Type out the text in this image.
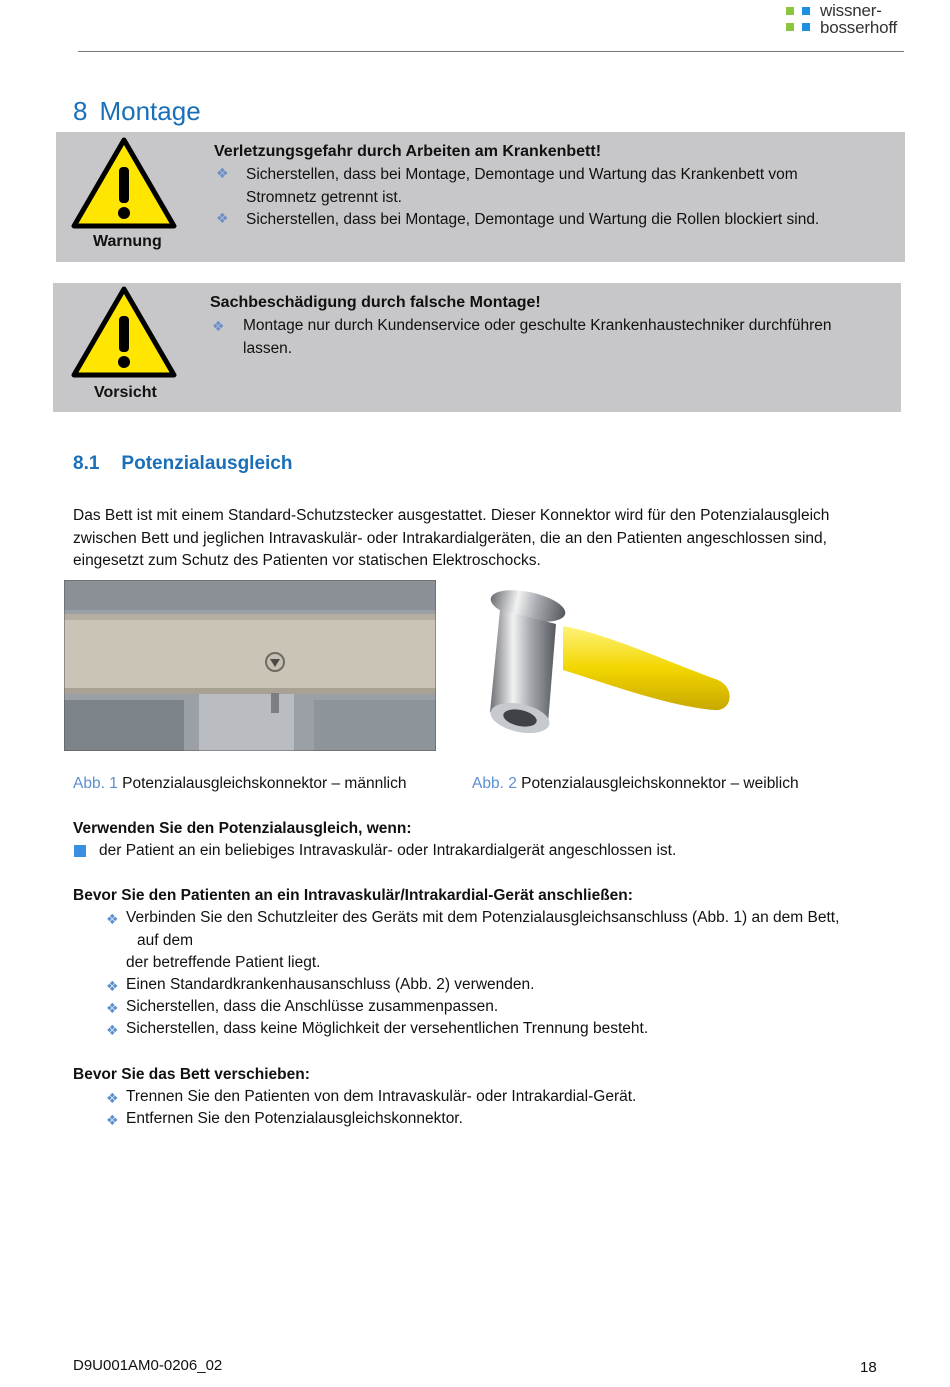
wissner-
bosserhoff
8 Montage
Warnung
Verletzungsgefahr durch Arbeiten am Krankenbett!
❖ Sicherstellen, dass bei Montage, Demontage und Wartung das Krankenbett vom
Stromnetz getrennt ist.
❖ Sicherstellen, dass bei Montage, Demontage und Wartung die Rollen blockiert sind.
Vorsicht
Sachbeschädigung durch falsche Montage!
❖ Montage nur durch Kundenservice oder geschulte Krankenhaustechniker durchführen
lassen.
8.1 Potenzialausgleich
Das Bett ist mit einem Standard-Schutzstecker ausgestattet. Dieser Konnektor wird für den Potenzialausgleich zwischen Bett und jeglichen Intravaskulär- oder Intrakardialgeräten, die an den Patienten angeschlossen sind, eingesetzt zum Schutz des Patienten vor statischen Elektroschocks.
Abb. 1 Potenzialausgleichskonnektor – männlich	Abb. 2 Potenzialausgleichskonnektor – weiblich
Verwenden Sie den Potenzialausgleich, wenn:
der Patient an ein beliebiges Intravaskulär- oder Intrakardialgerät angeschlossen ist.
Bevor Sie den Patienten an ein Intravaskulär/Intrakardial-Gerät anschließen:
❖ Verbinden Sie den Schutzleiter des Geräts mit dem Potenzialausgleichsanschluss (Abb. 1) an dem Bett,
auf dem
der betreffende Patient liegt.
❖ Einen Standardkrankenhausanschluss (Abb. 2) verwenden.
❖ Sicherstellen, dass die Anschlüsse zusammenpassen.
❖ Sicherstellen, dass keine Möglichkeit der versehentlichen Trennung besteht.
Bevor Sie das Bett verschieben:
❖ Trennen Sie den Patienten von dem Intravaskulär- oder Intrakardial-Gerät.
❖ Entfernen Sie den Potenzialausgleichskonnektor.
D9U001AM0-0206_02	18
